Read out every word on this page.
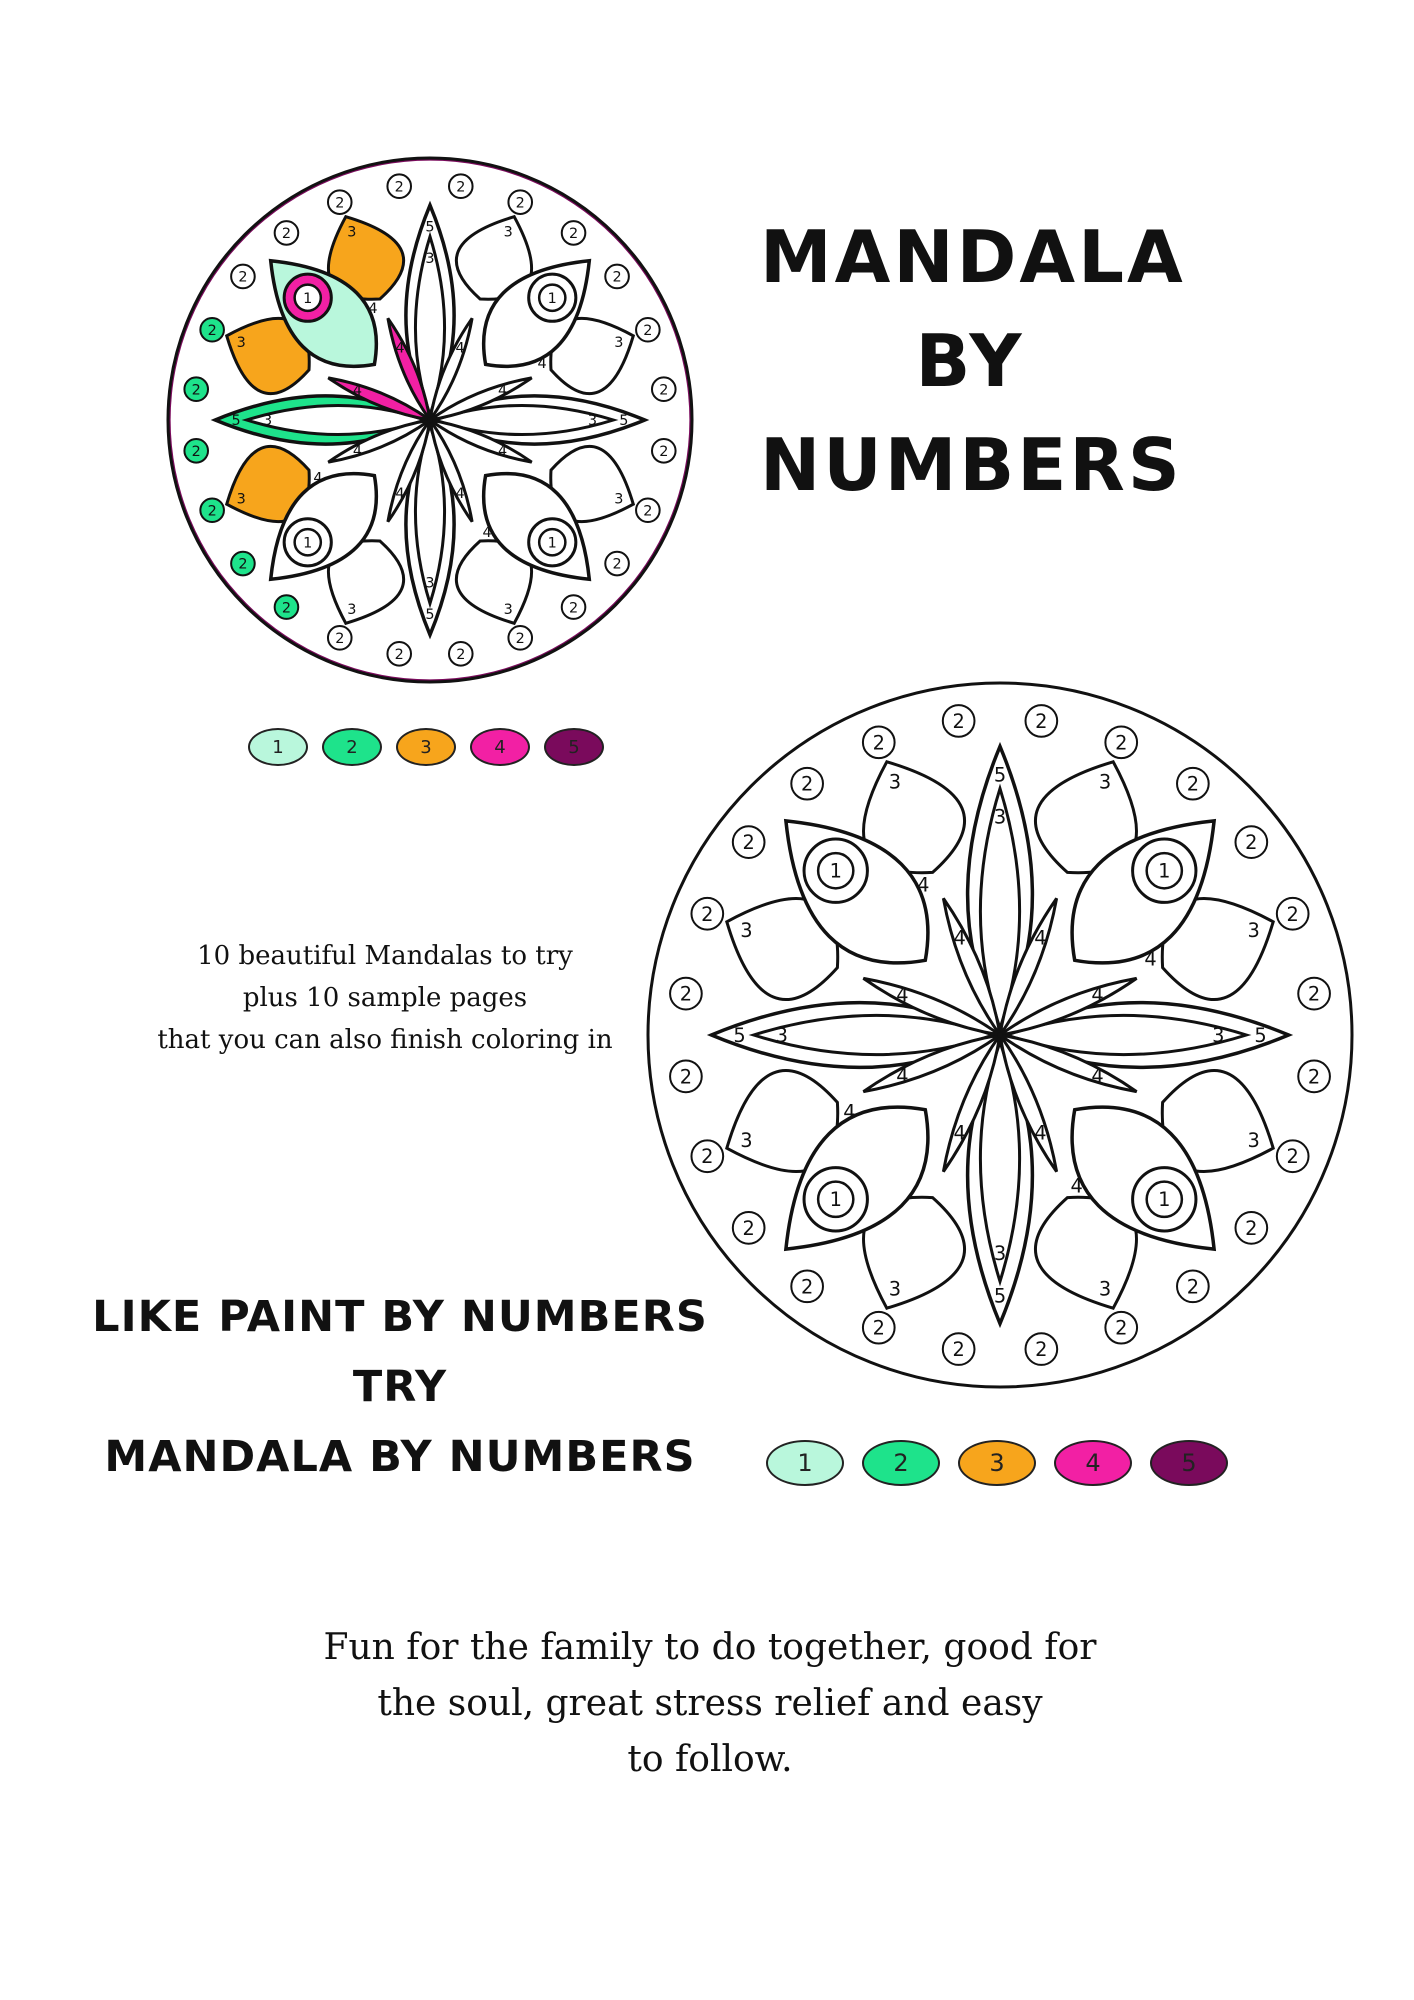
MANDALA
BY
NUMBERS
2
2
2
2
2
2
2
2
2
2
2
2
2
2
2
2
2
2
2
2
2
2
2
2
3
3
3
3
3
3
3
3
1
4
1
4
1
4
1
4
5
3
5
3
5
3
5 3
4
4
4
4
4
4
4
4
1	2	3	4	5
10 beautiful Mandalas to try
plus 10 sample pages
that you can also finish coloring in
2
2
2
2
2
2
2
2
2
2
2
2
2
2
2
2
2
2
2
2
2
2
2
2
3
3
3
3
3
3
3
3
1
4
1
4
1
4
1
4
5
3
5
3
5
3
5 3
4
4
4
4
4
4
4
4
LIKE PAINT BY NUMBERS
TRY
MANDALA BY NUMBERS	1	2	3	4	5
Fun for the family to do together, good for
the soul, great stress relief and easy
to follow.
